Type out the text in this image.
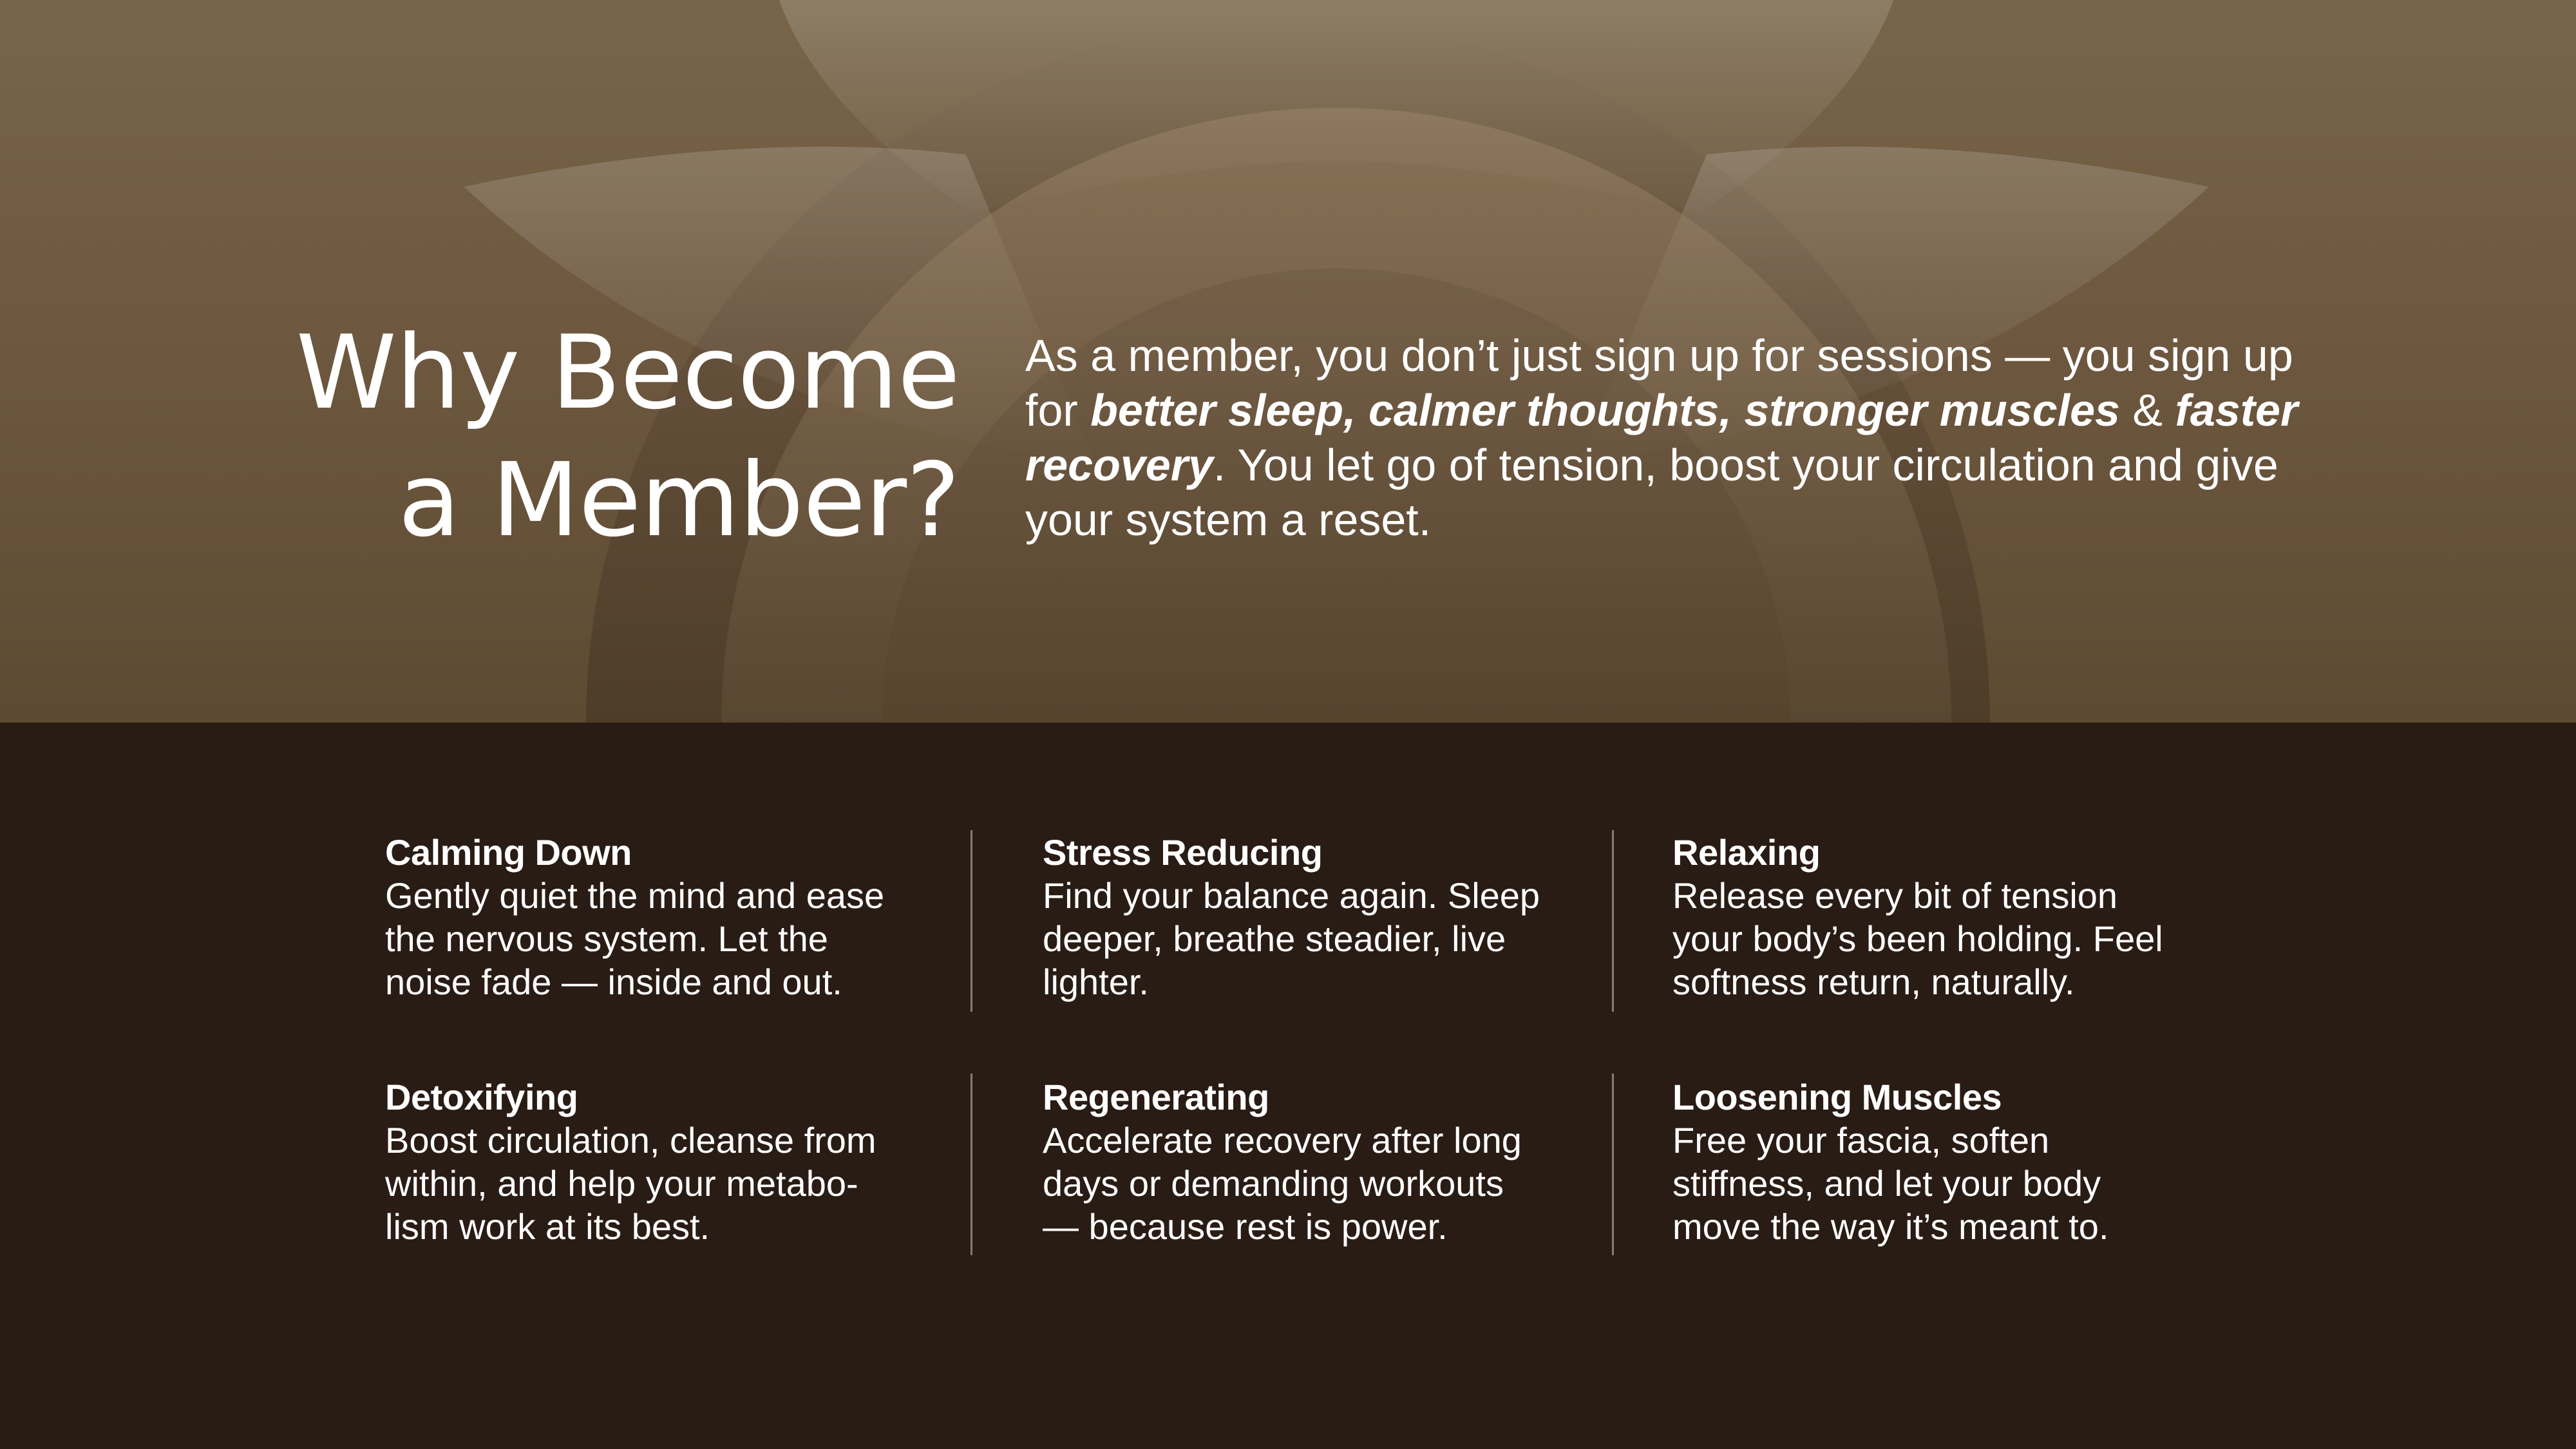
Why Become
a Member?

As a member, you don’t just sign up for sessions — you sign up for better sleep, calmer thoughts, stronger muscles & faster recovery. You let go of tension, boost your circulation and give your system a reset.

Calming Down
Gently quiet the mind and ease
the nervous system. Let the
noise fade — inside and out.
Stress Reducing
Find your balance again. Sleep
deeper, breathe steadier, live
lighter.
Relaxing
Release every bit of tension
your body’s been holding. Feel
softness return, naturally.
Detoxifying
Boost circulation, cleanse from
within, and help your metabo-
lism work at its best.
Regenerating
Accelerate recovery after long
days or demanding workouts
— because rest is power.
Loosening Muscles
Free your fascia, soften
stiffness, and let your body
move the way it’s meant to.
